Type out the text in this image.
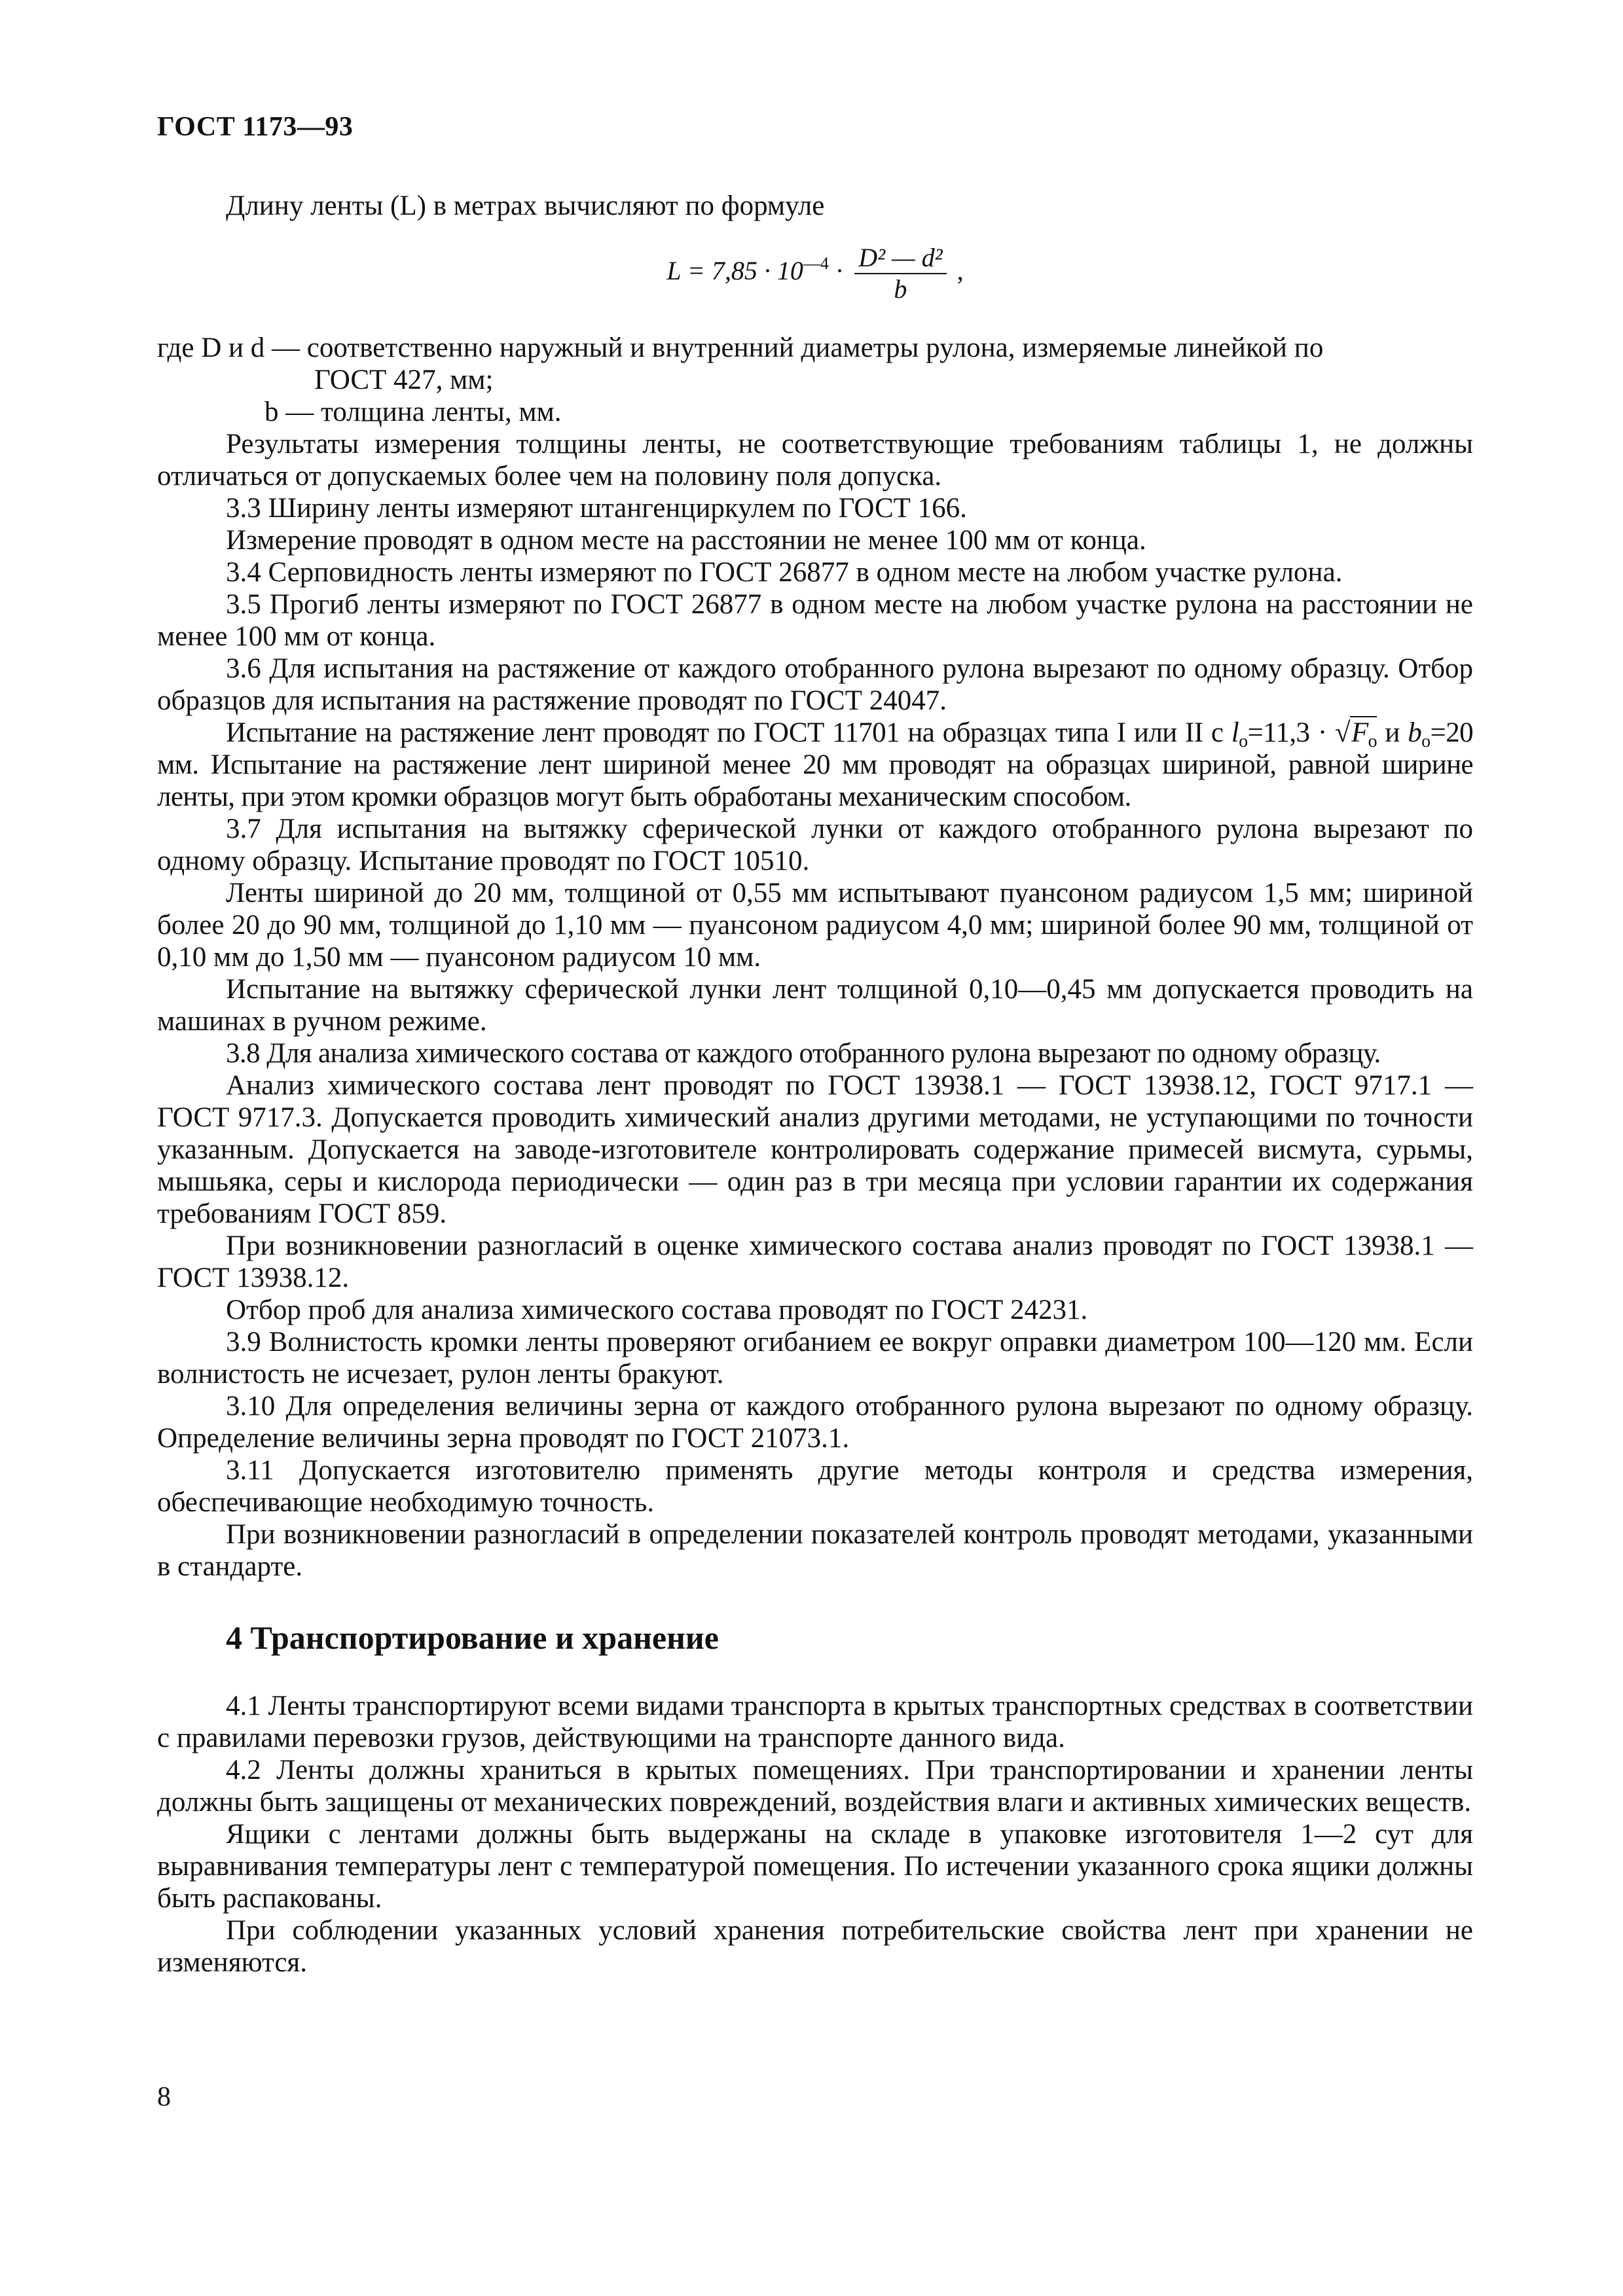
ГОСТ 1173—93

Длину ленты (L) в метрах вычисляют по формуле

$L = 7,85 \cdot 10^{—4} \cdot \frac{\text{D² — d²}}{b}$ ,
где D и d — соответственно наружный и внутренний диаметры рулона, измеряемые линейкой по
ГОСТ 427, мм;
b — толщина ленты, мм.

Результаты измерения толщины ленты, не соответствующие требованиям таблицы 1, не должны отличаться от допускаемых более чем на половину поля допуска.

3.3 Ширину ленты измеряют штангенциркулем по ГОСТ 166.

Измерение проводят в одном месте на расстоянии не менее 100 мм от конца.

3.4 Серповидность ленты измеряют по ГОСТ 26877 в одном месте на любом участке рулона.

3.5 Прогиб ленты измеряют по ГОСТ 26877 в одном месте на любом участке рулона на расстоянии не менее 100 мм от конца.

3.6 Для испытания на растяжение от каждого отобранного рулона вырезают по одному образцу. Отбор образцов для испытания на растяжение проводят по ГОСТ 24047.

Испытание на растяжение лент проводят по ГОСТ 11701 на образцах типа I или II с $l_o=11,3 \cdot √F_o$ и $b_o=20$ мм. Испытание на растяжение лент шириной менее 20 мм проводят на образцах шириной, равной ширине ленты, при этом кромки образцов могут быть обработаны механическим способом.

3.7 Для испытания на вытяжку сферической лунки от каждого отобранного рулона вырезают по одному образцу. Испытание проводят по ГОСТ 10510.

Ленты шириной до 20 мм, толщиной от 0,55 мм испытывают пуансоном радиусом 1,5 мм; шириной более 20 до 90 мм, толщиной до 1,10 мм — пуансоном радиусом 4,0 мм; шириной более 90 мм, толщиной от 0,10 мм до 1,50 мм — пуансоном радиусом 10 мм.

Испытание на вытяжку сферической лунки лент толщиной 0,10—0,45 мм допускается проводить на машинах в ручном режиме.

3.8 Для анализа химического состава от каждого отобранного рулона вырезают по одному образцу.

Анализ химического состава лент проводят по ГОСТ 13938.1 — ГОСТ 13938.12, ГОСТ 9717.1 — ГОСТ 9717.3. Допускается проводить химический анализ другими методами, не уступающими по точности указанным. Допускается на заводе-изготовителе контролировать содержание примесей висмута, сурьмы, мышьяка, серы и кислорода периодически — один раз в три месяца при условии гарантии их содержания требованиям ГОСТ 859.

При возникновении разногласий в оценке химического состава анализ проводят по ГОСТ 13938.1 — ГОСТ 13938.12.

Отбор проб для анализа химического состава проводят по ГОСТ 24231.

3.9 Волнистость кромки ленты проверяют огибанием ее вокруг оправки диаметром 100—120 мм. Если волнистость не исчезает, рулон ленты бракуют.

3.10 Для определения величины зерна от каждого отобранного рулона вырезают по одному образцу. Определение величины зерна проводят по ГОСТ 21073.1.

3.11 Допускается изготовителю применять другие методы контроля и средства измерения, обеспечивающие необходимую точность.

При возникновении разногласий в определении показателей контроль проводят методами, указанными в стандарте.

4 Транспортирование и хранение

4.1 Ленты транспортируют всеми видами транспорта в крытых транспортных средствах в соответствии с правилами перевозки грузов, действующими на транспорте данного вида.

4.2 Ленты должны храниться в крытых помещениях. При транспортировании и хранении ленты должны быть защищены от механических повреждений, воздействия влаги и активных химических веществ.

Ящики с лентами должны быть выдержаны на складе в упаковке изготовителя 1—2 сут для выравнивания температуры лент с температурой помещения. По истечении указанного срока ящики должны быть распакованы.

При соблюдении указанных условий хранения потребительские свойства лент при хранении не изменяются.

8
